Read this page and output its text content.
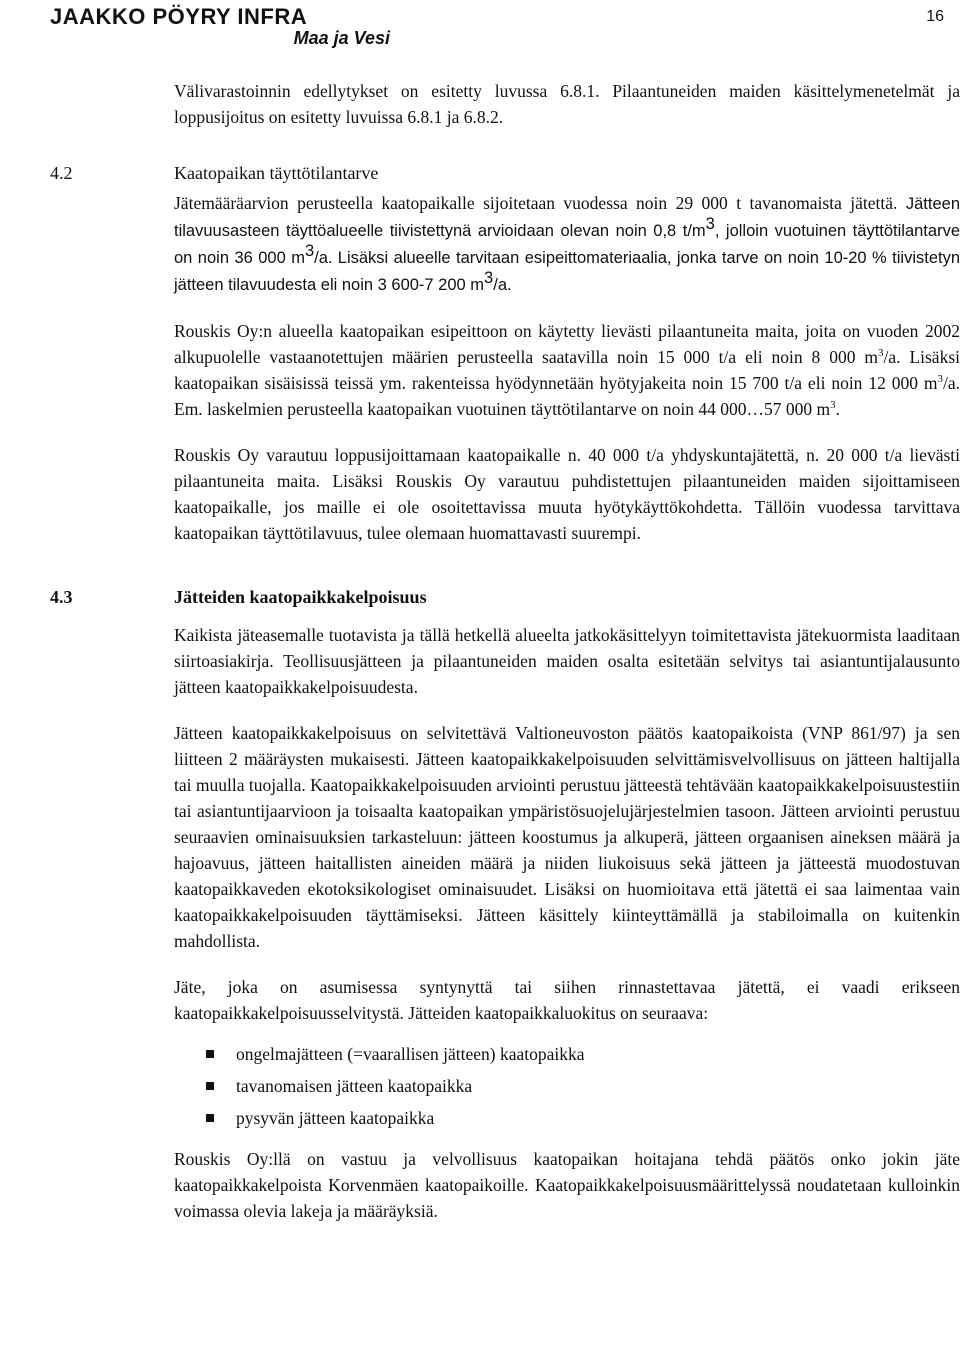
JAAKKO PÖYRY INFRA
Maa ja Vesi
16

Välivarastoinnin edellytykset on esitetty luvussa 6.8.1. Pilaantuneiden maiden käsittelymenetelmät ja loppusijoitus on esitetty luvuissa 6.8.1 ja 6.8.2.

4.2	Kaatopaikan täyttötilantarve

Jätemääräarvion perusteella kaatopaikalle sijoitetaan vuodessa noin 29 000 t tavanomaista jätettä. Jätteen tilavuusasteen täyttöalueelle tiivistettynä arvioidaan olevan noin 0,8 $t/m^3$, jolloin vuotuinen täyttötilantarve on noin 36 000 $m^3/a$. Lisäksi alueelle tarvitaan esipeittomateriaalia, jonka tarve on noin 10-20 % tiivistetyn jätteen tilavuudesta eli noin 3 600-7 200 $m^3/a$.

Rouskis Oy:n alueella kaatopaikan esipeittoon on käytetty lievästi pilaantuneita maita, joita on vuoden 2002 alkupuolelle vastaanotettujen määrien perusteella saatavilla noin 15 000 t/a eli noin 8 000 $m^3/a$. Lisäksi kaatopaikan sisäisissä teissä ym. rakenteissa hyödynnetään hyötyjakeita noin 15 700 t/a eli noin 12 000 $m^3/a$. Em. laskelmien perusteella kaatopaikan vuotuinen täyttötilantarve on noin 44 000…57 000 $m^3$.

Rouskis Oy varautuu loppusijoittamaan kaatopaikalle n. 40 000 t/a yhdyskuntajätettä, n. 20 000 t/a lievästi pilaantuneita maita. Lisäksi Rouskis Oy varautuu puhdistettujen pilaantuneiden maiden sijoittamiseen kaatopaikalle, jos maille ei ole osoitettavissa muuta hyötykäyttökohdetta. Tällöin vuodessa tarvittava kaatopaikan täyttötilavuus, tulee olemaan huomattavasti suurempi.

4.3	Jätteiden kaatopaikkakelpoisuus

Kaikista jäteasemalle tuotavista ja tällä hetkellä alueelta jatkokäsittelyyn toimitettavista jätekuormista laaditaan siirtoasiakirja. Teollisuusjätteen ja pilaantuneiden maiden osalta esitetään selvitys tai asiantuntijalausunto jätteen kaatopaikkakelpoisuudesta.

Jätteen kaatopaikkakelpoisuus on selvitettävä Valtioneuvoston päätös kaatopaikoista (VNP 861/97) ja sen liitteen 2 määräysten mukaisesti. Jätteen kaatopaikkakelpoisuuden selvittämisvelvollisuus on jätteen haltijalla tai muulla tuojalla. Kaatopaikkakelpoisuuden arviointi perustuu jätteestä tehtävään kaatopaikkakelpoisuustestiin tai asiantuntijaarvioon ja toisaalta kaatopaikan ympäristösuojelujärjestelmien tasoon. Jätteen arviointi perustuu seuraavien ominaisuuksien tarkasteluun: jätteen koostumus ja alkuperä, jätteen orgaanisen aineksen määrä ja hajoavuus, jätteen haitallisten aineiden määrä ja niiden liukoisuus sekä jätteen ja jätteestä muodostuvan kaatopaikkaveden ekotoksikologiset ominaisuudet. Lisäksi on huomioitava että jätettä ei saa laimentaa vain kaatopaikkakelpoisuuden täyttämiseksi. Jätteen käsittely kiinteyttämällä ja stabiloimalla on kuitenkin mahdollista.

Jäte, joka on asumisessa syntynyttä tai siihen rinnastettavaa jätettä, ei vaadi erikseen kaatopaikkakelpoisuusselvitystä. Jätteiden kaatopaikkaluokitus on seuraava:

ongelmajätteen (=vaarallisen jätteen) kaatopaikka
tavanomaisen jätteen kaatopaikka
pysyvän jätteen kaatopaikka

Rouskis Oy:llä on vastuu ja velvollisuus kaatopaikan hoitajana tehdä päätös onko jokin jäte kaatopaikkakelpoista Korvenmäen kaatopaikoille. Kaatopaikkakelpoisuusmäärittelyssä noudatetaan kulloinkin voimassa olevia lakeja ja määräyksiä.
